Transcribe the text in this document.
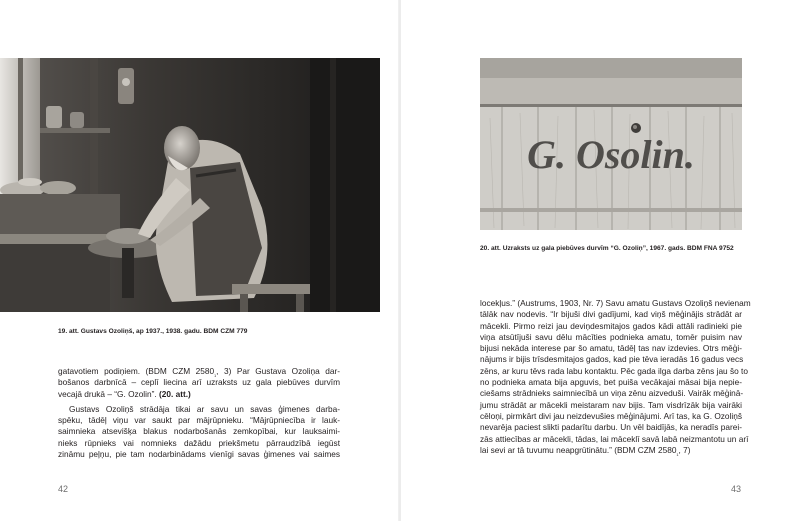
19. att. Gustavs Ozoliņš, ap 1937., 1938. gadu. BDM CZM 779
gatavotiem podiņiem. (BDM CZM $2580_{_1}$, 3) Par Gustava Ozoliņa dar-
bošanos darbnīcā – ceplī liecina arī uzraksts uz gala piebūves durvīm
vecajā drukā – “G. Ozolin”. (20. att.)
Gustavs Ozoliņš strādāja tikai ar savu un savas ģimenes darba-
spēku, tādēļ viņu var saukt par mājrūpnieku. “Mājrūpniecība ir lauk-
saimnieka atsevišķa blakus nodarbošanās zemkopībai, kur lauksaimi-
nieks rūpnieks vai nomnieks dažādu priekšmetu pārraudzībā iegūst
zināmu peļņu, pie tam nodarbinādams vienīgi savas ģimenes vai saimes
42
G. Osolin.
20. att. Uzraksts uz gala piebūves durvīm “G. Ozoliņ”, 1967. gads. BDM FNA 9752
locekļus.” (Austrums, 1903, Nr. 7) Savu amatu Gustavs Ozoliņš nevienam
tālāk nav nodevis. “Ir bijuši divi gadījumi, kad viņš mēģinājis strādāt ar
mācekli. Pirmo reizi jau deviņdesmitajos gados kādi attāli radinieki pie
viņa atsūtījuši savu dēlu mācīties podnieka amatu, tomēr puisim nav
bijusi nekāda interese par šo amatu, tādēļ tas nav izdevies. Otrs mēģi-
nājums ir bijis trīsdesmitajos gados, kad pie tēva ieradās 16 gadus vecs
zēns, ar kuru tēvs rada labu kontaktu. Pēc gada ilga darba zēns jau šo to
no podnieka amata bija apguvis, bet puiša vecākajai māsai bija nepie-
ciešams strādnieks saimniecībā un viņa zēnu aizveduši. Vairāk mēģinā-
jumu strādāt ar mācekli meistaram nav bijis. Tam visdrīzāk bija vairāki
cēloņi, pirmkārt divi jau neizdevušies mēģinājumi. Arī tas, ka G. Ozoliņš
nevarēja paciest slikti padarītu darbu. Un vēl baidījās, ka neradīs parei-
zās attiecības ar mācekli, tādas, lai māceklī savā labā neizmantotu un arī
lai sevi ar tā tuvumu neapgrūtinātu.” (BDM CZM $2580_{_1}$, 7)
43
